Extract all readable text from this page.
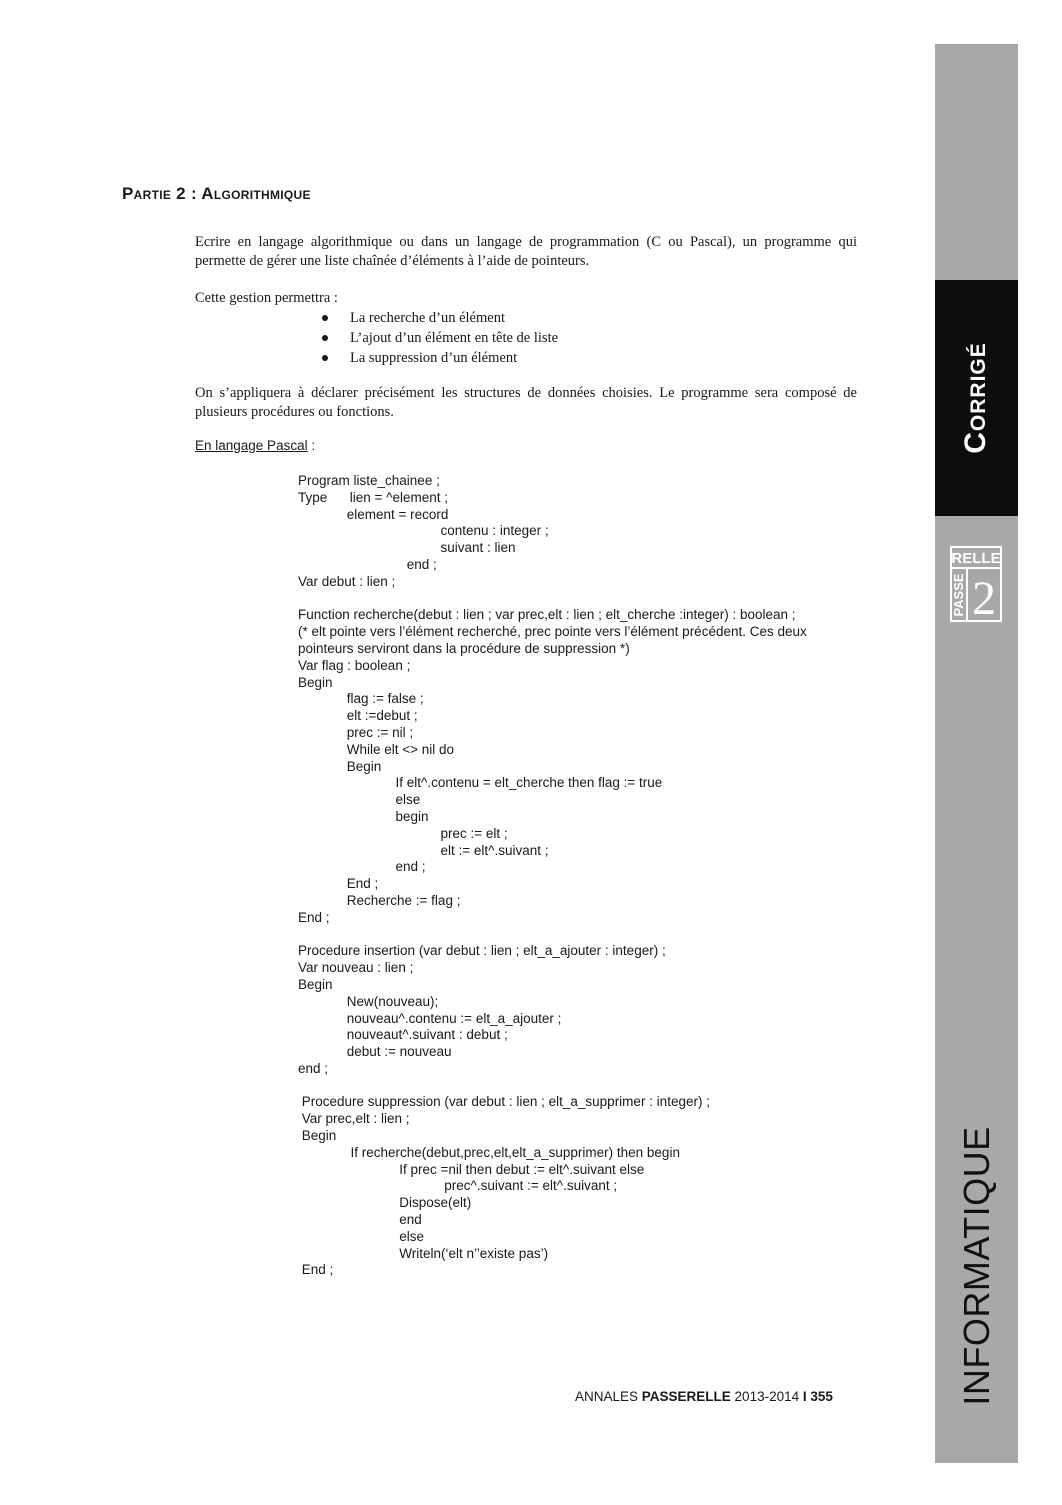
Partie 2 : Algorithmique

Ecrire en langage algorithmique ou dans un langage de programmation (C ou Pascal), un programme qui permette de gérer une liste chaînée d’éléments à l’aide de pointeurs.

Cette gestion permettra :

La recherche d’un élément
L’ajout d’un élément en tête de liste
La suppression d’un élément

On s’appliquera à déclarer précisément les structures de données choisies. Le programme sera composé de plusieurs procédures ou fonctions.

En langage Pascal :
Program liste_chainee ;
Type      lien = ^element ;
element = record
contenu : integer ;
suivant : lien
end ;
Var debut : lien ;
Function recherche(debut : lien ; var prec,elt : lien ; elt_cherche :integer) : boolean ;
(* elt pointe vers l’élément recherché, prec pointe vers l’élément précédent. Ces deux
pointeurs serviront dans la procédure de suppression *)
Var flag : boolean ;
Begin
flag := false ;
elt :=debut ;
prec := nil ;
While elt <> nil do
Begin
If elt^.contenu = elt_cherche then flag := true
else
begin
prec := elt ;
elt := elt^.suivant ;
end ;
End ;
Recherche := flag ;
End ;
Procedure insertion (var debut : lien ; elt_a_ajouter : integer) ;
Var nouveau : lien ;
Begin
New(nouveau);
nouveau^.contenu := elt_a_ajouter ;
nouveaut^.suivant : debut ;
debut := nouveau
end ;
Procedure suppression (var debut : lien ; elt_a_supprimer : integer) ;
Var prec,elt : lien ;
Begin
If recherche(debut,prec,elt,elt_a_supprimer) then begin
If prec =nil then debut := elt^.suivant else
prec^.suivant := elt^.suivant ;
Dispose(elt)
end
else
Writeln(‘elt n’’existe pas’)
End ;
ANNALES PASSERELLE 2013-2014 I 355
Corrigé
RELLE
PASSE 2
INFORMATIQUE
